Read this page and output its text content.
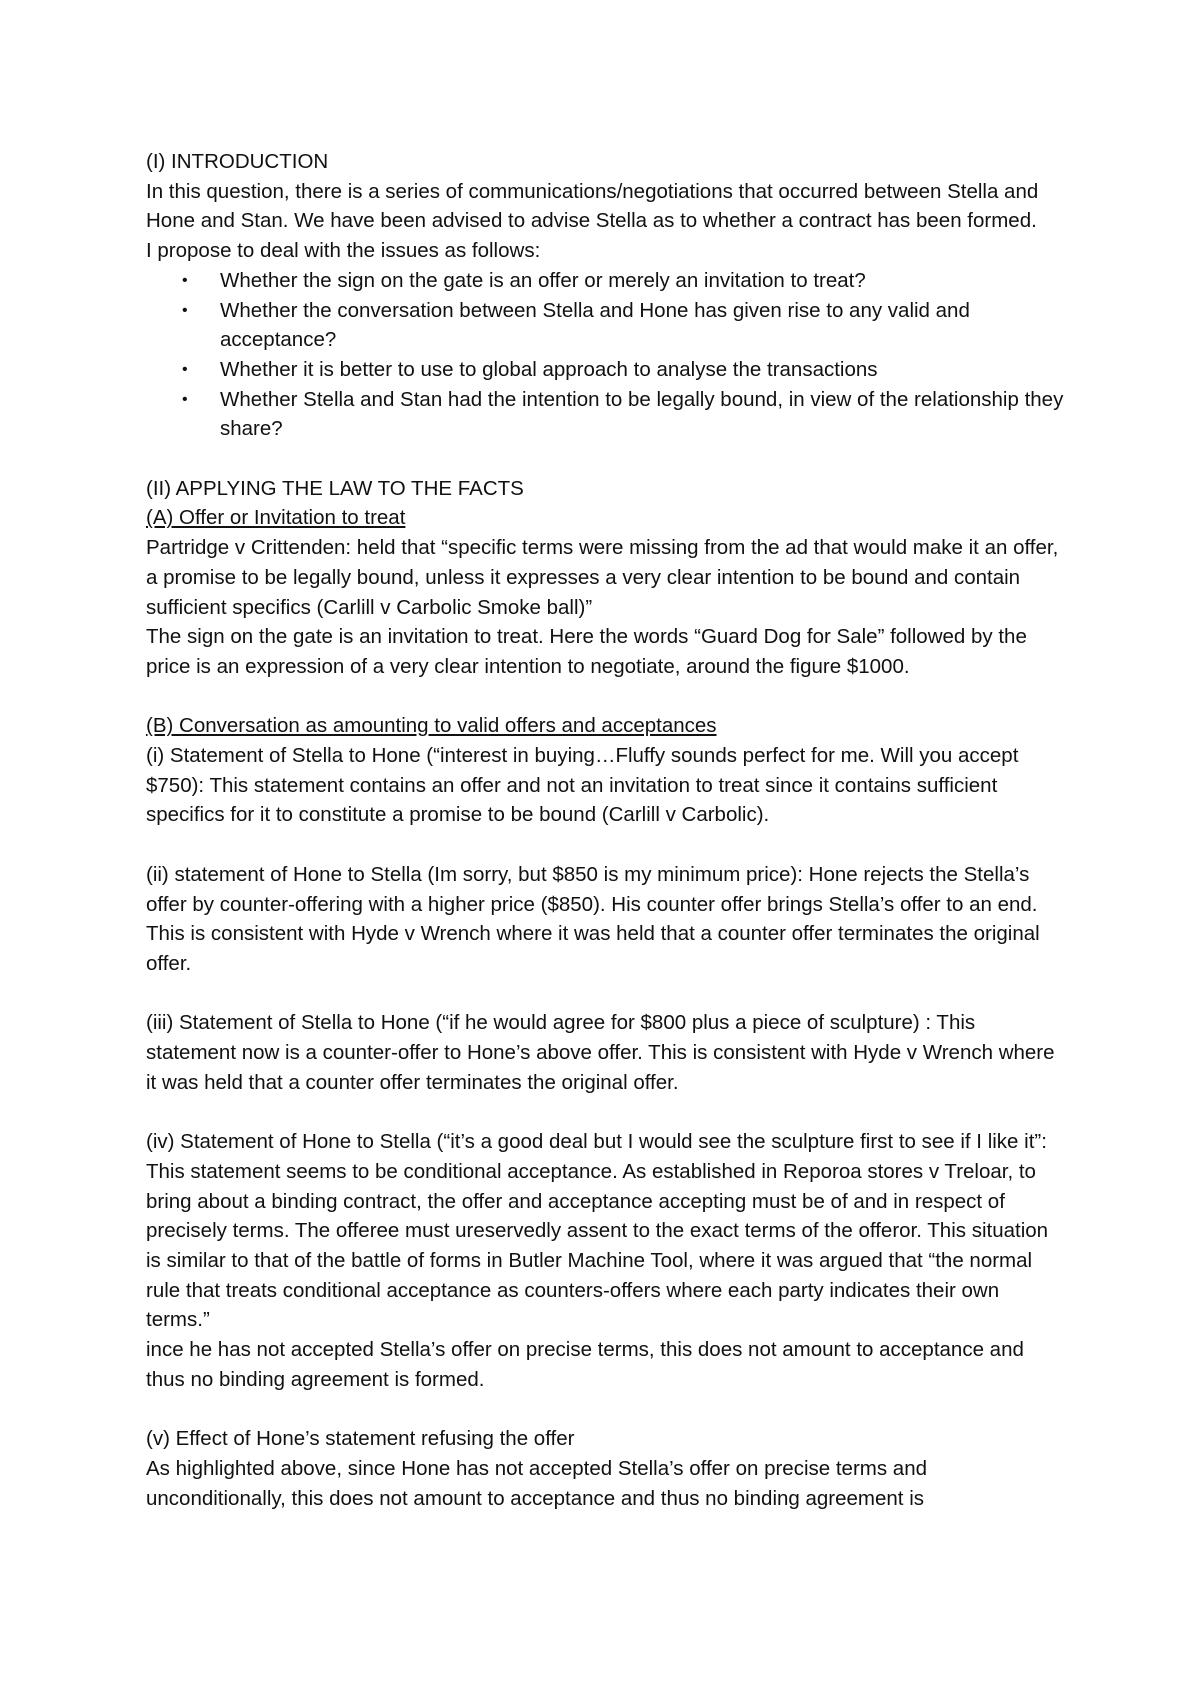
(I) INTRODUCTION

In this question, there is a series of communications/negotiations that occurred between Stella and Hone and Stan. We have been advised to advise Stella as to whether a contract has been formed.

I propose to deal with the issues as follows:

• Whether the sign on the gate is an offer or merely an invitation to treat?
• Whether the conversation between Stella and Hone has given rise to any valid and acceptance?
• Whether it is better to use to global approach to analyse the transactions
• Whether Stella and Stan had the intention to be legally bound, in view of the relationship they share?

(II) APPLYING THE LAW TO THE FACTS

(A) Offer or Invitation to treat

Partridge v Crittenden: held that “specific terms were missing from the ad that would make it an offer, a promise to be legally bound, unless it expresses a very clear intention to be bound and contain sufficient specifics (Carlill v Carbolic Smoke ball)”

The sign on the gate is an invitation to treat. Here the words “Guard Dog for Sale” followed by the price is an expression of a very clear intention to negotiate, around the figure $1000.

(B) Conversation as amounting to valid offers and acceptances

(i) Statement of Stella to Hone (“interest in buying…Fluffy sounds perfect for me. Will you accept $750): This statement contains an offer and not an invitation to treat since it contains sufficient specifics for it to constitute a promise to be bound (Carlill v Carbolic).

(ii) statement of Hone to Stella (Im sorry, but $850 is my minimum price): Hone rejects the Stella’s offer by counter-offering with a higher price ($850). His counter offer brings Stella’s offer to an end. This is consistent with Hyde v Wrench where it was held that a counter offer terminates the original offer.

(iii) Statement of Stella to Hone (“if he would agree for $800 plus a piece of sculpture) : This statement now is a counter-offer to Hone’s above offer. This is consistent with Hyde v Wrench where it was held that a counter offer terminates the original offer.

(iv) Statement of Hone to Stella (“it’s a good deal but I would see the sculpture first to see if I like it”: This statement seems to be conditional acceptance. As established in Reporoa stores v Treloar, to bring about a binding contract, the offer and acceptance accepting must be of and in respect of precisely terms. The offeree must ureservedly assent to the exact terms of the offeror. This situation is similar to that of the battle of forms in Butler Machine Tool, where it was argued that “the normal rule that treats conditional acceptance as counters-offers where each party indicates their own terms.”

ince he has not accepted Stella’s offer on precise terms, this does not amount to acceptance and thus no binding agreement is formed.

(v) Effect of Hone’s statement refusing the offer

As highlighted above, since Hone has not accepted Stella’s offer on precise terms and unconditionally, this does not amount to acceptance and thus no binding agreement is
